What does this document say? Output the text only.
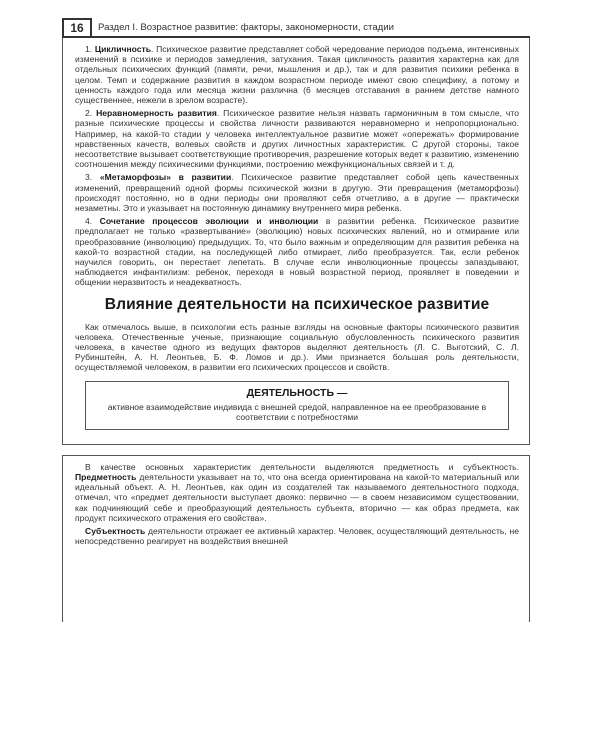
16	Раздел I. Возрастное развитие: факторы, закономерности, стадии

1. Цикличность. Психическое развитие представляет собой чередование периодов подъема, интенсивных изменений в психике и периодов замедления, затухания. Такая цикличность развития характерна как для отдельных психических функций (памяти, речи, мышления и др.), так и для развития психики ребенка в целом. Темп и содержание развития в каждом возрастном периоде имеют свою специфику, а потому и ценность каждого года или месяца жизни различна (6 месяцев отставания в раннем детстве намного существеннее, нежели в зрелом возрасте).

2. Неравномерность развития. Психическое развитие нельзя назвать гармоничным в том смысле, что разные психические процессы и свойства личности развиваются неравномерно и непропорционально. Например, на какой-то стадии у человека интеллектуальное развитие может «опережать» формирование нравственных качеств, волевых свойств и других личностных характеристик. С другой стороны, такое несоответствие вызывает соответствующие противоречия, разрешение которых ведет к развитию, изменению соотношения между психическими функциями, построению межфункциональных связей и т. д.

3. «Метаморфозы» в развитии. Психическое развитие представляет собой цепь качественных изменений, превращений одной формы психической жизни в другую. Эти превращения (метаморфозы) происходят постоянно, но в одни периоды они проявляют себя отчетливо, а в другие — практически незаметны. Это и указывает на постоянную динамику внутреннего мира ребенка.

4. Сочетание процессов эволюции и инволюции в развитии ребенка. Психическое развитие предполагает не только «развертывание» (эволюцию) новых психических явлений, но и отмирание или преобразование (инволюцию) предыдущих. То, что было важным и определяющим для развития ребенка на какой-то возрастной стадии, на последующей либо отмирает, либо преобразуется. Так, если ребенок научился говорить, он перестает лепетать. В случае если инволюционные процессы запаздывают, наблюдается инфантилизм: ребенок, переходя в новый возрастной период, проявляет в поведении и общении неразвитость и неадекватность.

Влияние деятельности на психическое развитие

Как отмечалось выше, в психологии есть разные взгляды на основные факторы психического развития человека. Отечественные ученые, признающие социальную обусловленность психического развития человека, в качестве одного из ведущих факторов выделяют деятельность (Л. С. Выготский, С. Л. Рубинштейн, А. Н. Леонтьев, Б. Ф. Ломов и др.). Ими признается большая роль деятельности, осуществляемой человеком, в развитии его психических процессов и свойств.

ДЕЯТЕЛЬНОСТЬ —
активное взаимодействие индивида с внешней средой, направленное на ее преобразование в соответствии с потребностями

В качестве основных характеристик деятельности выделяются предметность и субъектность. Предметность деятельности указывает на то, что она всегда ориентирована на какой-то материальный или идеальный объект. А. Н. Леонтьев, как один из создателей так называемого деятельностного подхода, отмечал, что «предмет деятельности выступает двояко: первично — в своем независимом существовании, как подчиняющий себе и преобразующий деятельность субъекта, вторично — как образ предмета, как продукт психического отражения его свойства».

Субъектность деятельности отражает ее активный характер. Человек, осуществляющий деятельность, не непосредственно реагирует на воздействия внешней
